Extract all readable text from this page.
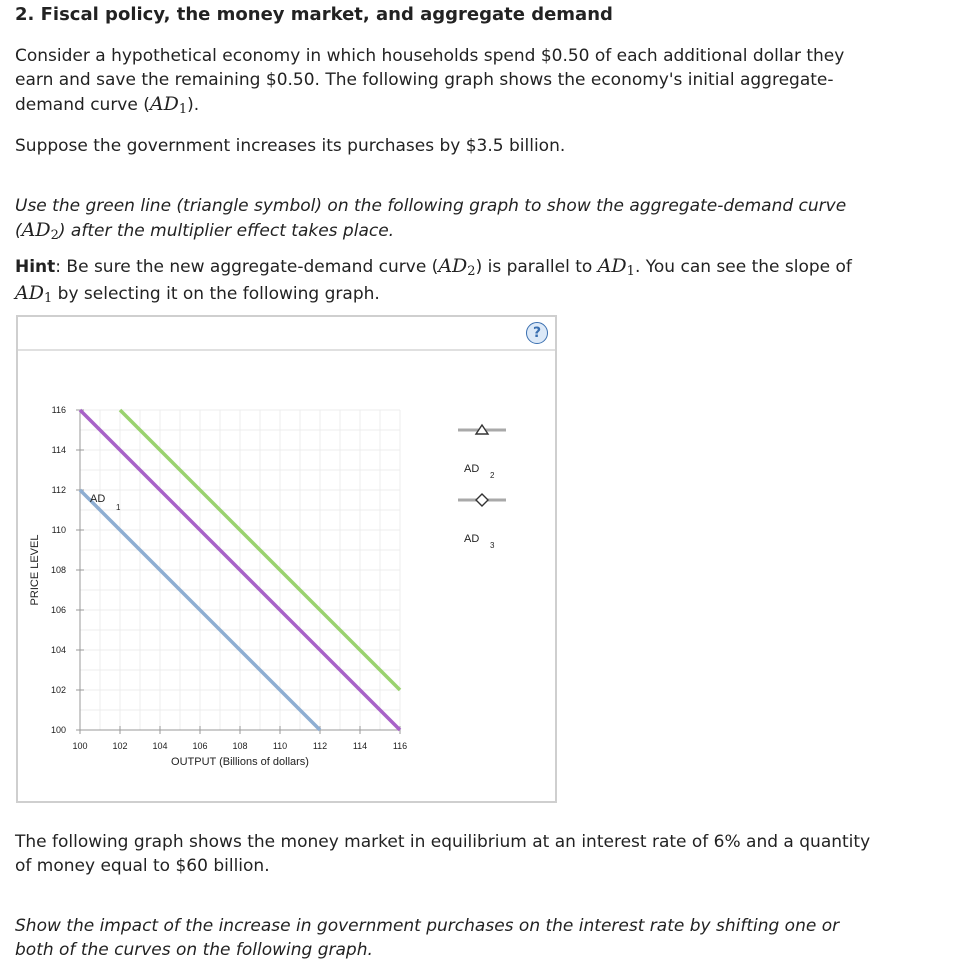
2. Fiscal policy, the money market, and aggregate demand

Consider a hypothetical economy in which households spend $0.50 of each additional dollar they
earn and save the remaining $0.50. The following graph shows the economy's initial aggregate-
demand curve (AD1).

Suppose the government increases its purchases by $3.5 billion.

Use the green line (triangle symbol) on the following graph to show the aggregate-demand curve
(AD2) after the multiplier effect takes place.

Hint: Be sure the new aggregate-demand curve (AD2) is parallel to AD1. You can see the slope of
AD1 by selecting it on the following graph.

?
100	102	104	106	108	110	112	114	116
100
102
104
106
108
110
112
114
116
OUTPUT (Billions of dollars)
PRICE LEVEL
AD
1
AD
2
AD
3

The following graph shows the money market in equilibrium at an interest rate of 6% and a quantity
of money equal to $60 billion.

Show the impact of the increase in government purchases on the interest rate by shifting one or
both of the curves on the following graph.
